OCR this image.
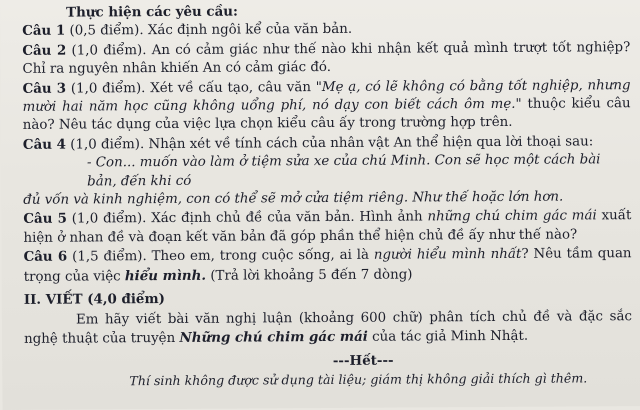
Thực hiện các yêu cầu:
Câu 1 (0,5 điểm). Xác định ngôi kể của văn bản.
Câu 2 (1,0 điểm). An có cảm giác như thế nào khi nhận kết quả mình trượt tốt nghiệp? Chỉ ra nguyên nhân khiến An có cảm giác đó.
Câu 3 (1,0 điểm). Xét về cấu tạo, câu văn "Mẹ ạ, có lẽ không có bằng tốt nghiệp, nhưng mười hai năm học cũng không uổng phí, nó dạy con biết cách ôm mẹ." thuộc kiểu câu nào? Nêu tác dụng của việc lựa chọn kiểu câu ấy trong trường hợp trên.
Câu 4 (1,0 điểm). Nhận xét về tính cách của nhân vật An thể hiện qua lời thoại sau:
- Con... muốn vào làm ở tiệm sửa xe của chú Minh. Con sẽ học một cách bài bản, đến khi có
đủ vốn và kinh nghiệm, con có thể sẽ mở cửa tiệm riêng. Như thế hoặc lớn hơn.
Câu 5 (1,0 điểm). Xác định chủ đề của văn bản. Hình ảnh những chú chim gác mái xuất hiện ở nhan đề và đoạn kết văn bản đã góp phần thể hiện chủ đề ấy như thế nào?
Câu 6 (1,5 điểm). Theo em, trong cuộc sống, ai là người hiểu mình nhất? Nêu tầm quan trọng của việc hiểu mình. (Trả lời khoảng 5 đến 7 dòng)
II. VIẾT (4,0 điểm)
Em hãy viết bài văn nghị luận (khoảng 600 chữ) phân tích chủ đề và đặc sắc nghệ thuật của truyện Những chú chim gác mái của tác giả Minh Nhật.
---Hết---
Thí sinh không được sử dụng tài liệu; giám thị không giải thích gì thêm.
